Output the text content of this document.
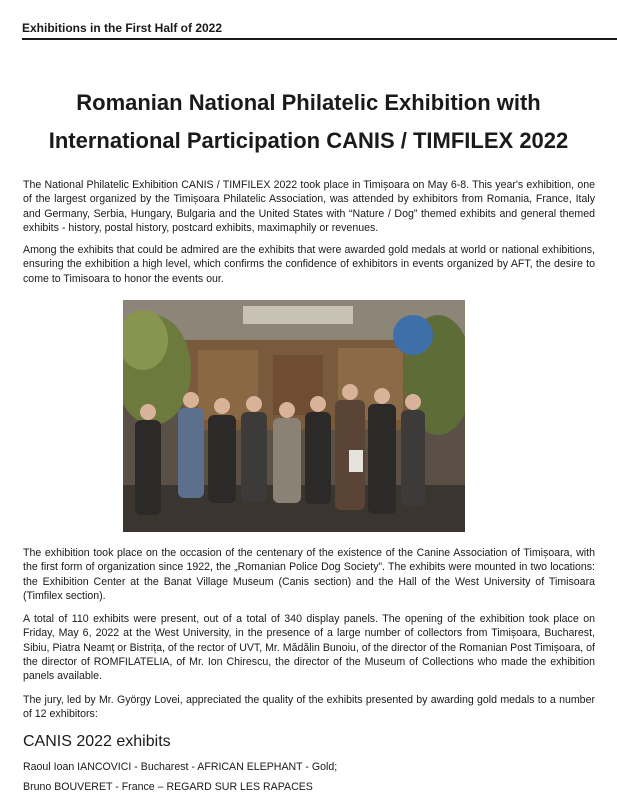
Exhibitions in the First Half of 2022
Romanian National Philatelic Exhibition with
International Participation CANIS / TIMFILEX 2022

The National Philatelic Exhibition CANIS / TIMFILEX 2022 took place in Timișoara on May 6-8. This year's exhibition, one of the largest organized by the Timișoara Philatelic Association, was attended by exhibitors from Romania, France, Italy and Germany, Serbia, Hungary, Bulgaria and the United States with “Nature / Dog” themed exhibits and general themed exhibits - history, postal history, postcard exhibits, maximaphily or revenues.

Among the exhibits that could be admired are the exhibits that were awarded gold medals at world or national exhibitions, ensuring the exhibition a high level, which confirms the confidence of exhibitors in events organized by AFT, the desire to come to Timisoara to honor the events our.

The exhibition took place on the occasion of the centenary of the existence of the Canine Association of Timișoara, with the first form of organization since 1922, the „Romanian Police Dog Society”. The exhibits were mounted in two locations: the Exhibition Center at the Banat Village Museum (Canis section) and the Hall of the West University of Timisoara (Timfilex section).

A total of 110 exhibits were present, out of a total of 340 display panels. The opening of the exhibition took place on Friday, May 6, 2022 at the West University, in the presence of a large number of collectors from Timișoara, Bucharest, Sibiu, Piatra Neamț or Bistrița, of the rector of UVT, Mr. Mădălin Bunoiu, of the director of the Romanian Post Timișoara, of the director of ROMFILATELIA, of Mr. Ion Chirescu, the director of the Museum of Collections who made the exhibition panels available.

The jury, led by Mr. György Lovei, appreciated the quality of the exhibits presented by awarding gold medals to a number of 12 exhibitors:

CANIS 2022 exhibits

Raoul Ioan IANCOVICI - Bucharest - AFRICAN ELEPHANT - Gold;

Bruno BOUVERET - France – REGARD SUR LES RAPACES
